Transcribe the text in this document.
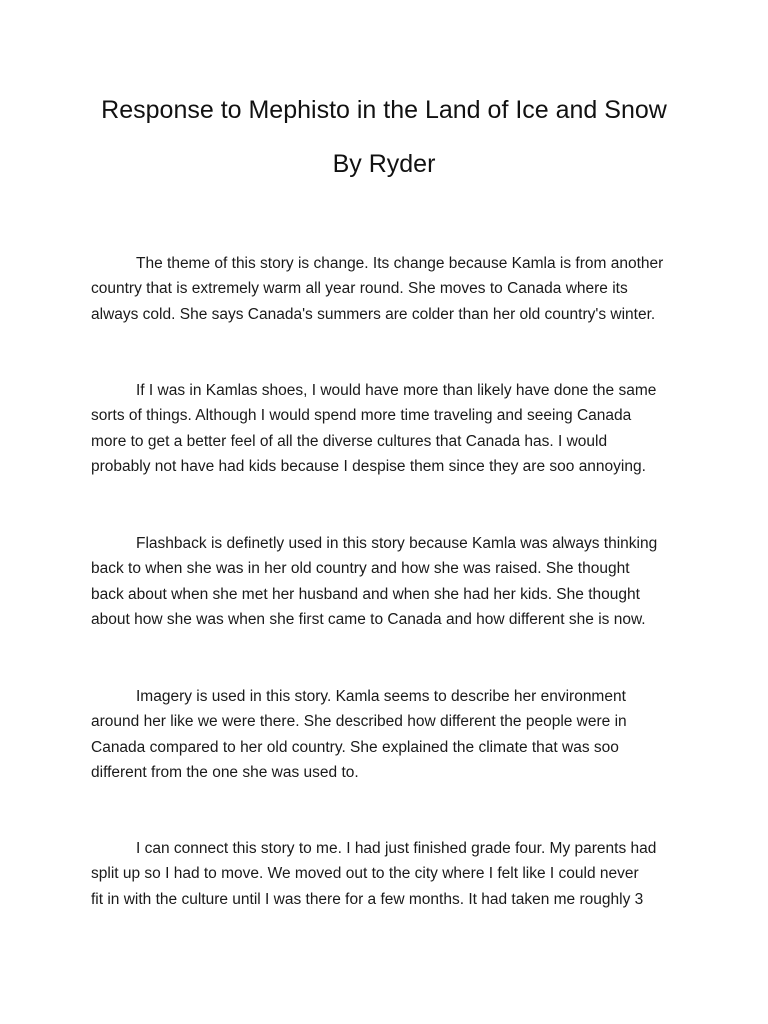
Response to Mephisto in the Land of Ice and Snow
By Ryder
The theme of this story is change. Its change because Kamla is from another
country that is extremely warm all year round. She moves to Canada where its
always cold. She says Canada's summers are colder than her old country's winter.
If I was in Kamlas shoes, I would have more than likely have done the same
sorts of things. Although I would spend more time traveling and seeing Canada
more to get a better feel of all the diverse cultures that Canada has. I would
probably not have had kids because I despise them since they are soo annoying.
Flashback is definetly used in this story because Kamla was always thinking
back to when she was in her old country and how she was raised. She thought
back about when she met her husband and when she had her kids. She thought
about how she was when she first came to Canada and how different she is now.
Imagery is used in this story. Kamla seems to describe her environment
around her like we were there. She described how different the people were in
Canada compared to her old country. She explained the climate that was soo
different from the one she was used to.
I can connect this story to me. I had just finished grade four. My parents had
split up so I had to move. We moved out to the city where I felt like I could never
fit in with the culture until I was there for a few months. It had taken me roughly 3
